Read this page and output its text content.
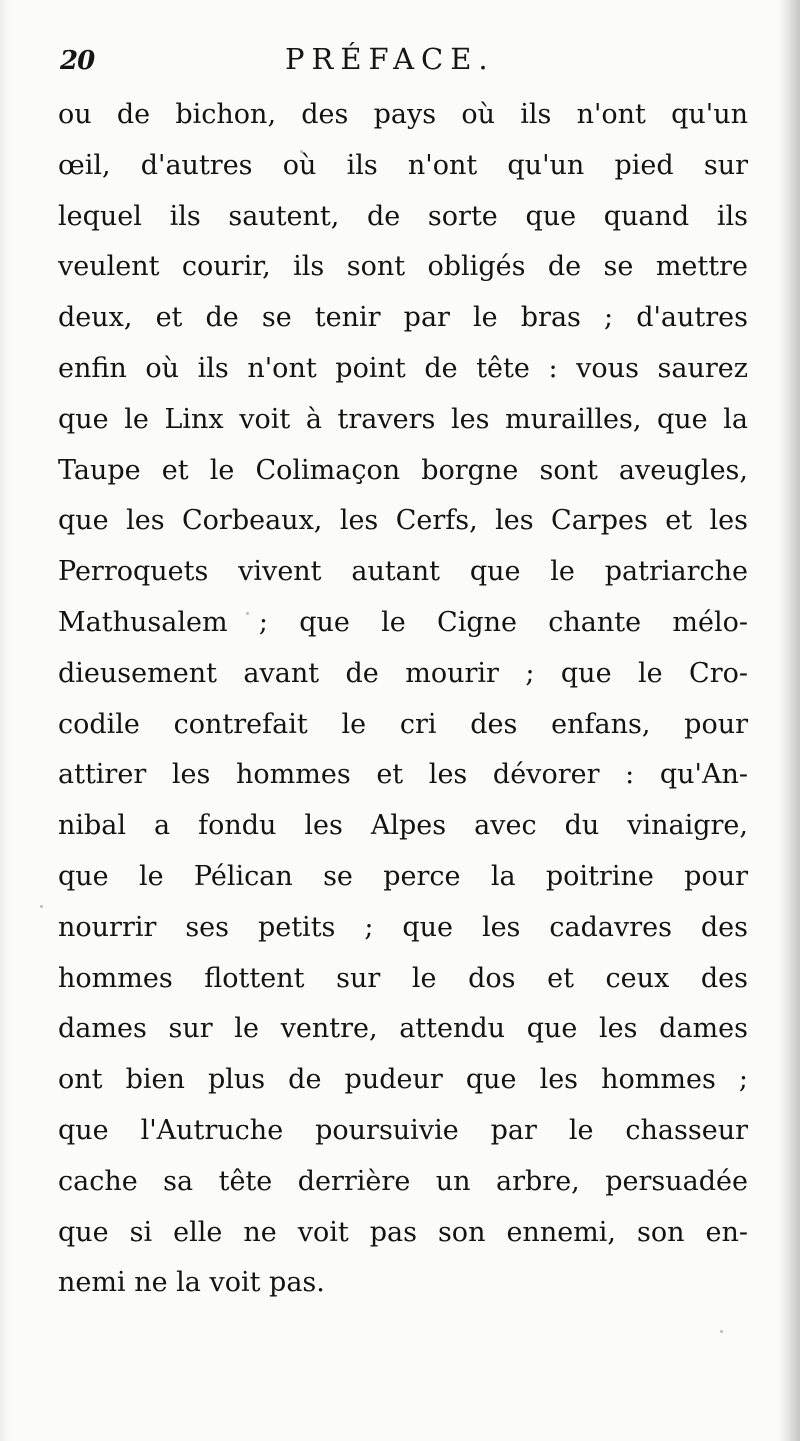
20	PRÉFACE.
ou de bichon, des pays où ils n'ont qu'un
œil, d'autres où ils n'ont qu'un pied sur
lequel ils sautent, de sorte que quand ils
veulent courir, ils sont obligés de se mettre
deux, et de se tenir par le bras ; d'autres
enfin où ils n'ont point de tête : vous saurez
que le Linx voit à travers les murailles, que la
Taupe et le Colimaçon borgne sont aveugles,
que les Corbeaux, les Cerfs, les Carpes et les
Perroquets vivent autant que le patriarche
Mathusalem ; que le Cigne chante mélo-
dieusement avant de mourir ; que le Cro-
codile contrefait le cri des enfans, pour
attirer les hommes et les dévorer : qu'An-
nibal a fondu les Alpes avec du vinaigre,
que le Pélican se perce la poitrine pour
nourrir ses petits ; que les cadavres des
hommes flottent sur le dos et ceux des
dames sur le ventre, attendu que les dames
ont bien plus de pudeur que les hommes ;
que l'Autruche poursuivie par le chasseur
cache sa tête derrière un arbre, persuadée
que si elle ne voit pas son ennemi, son en-
nemi ne la voit pas.
